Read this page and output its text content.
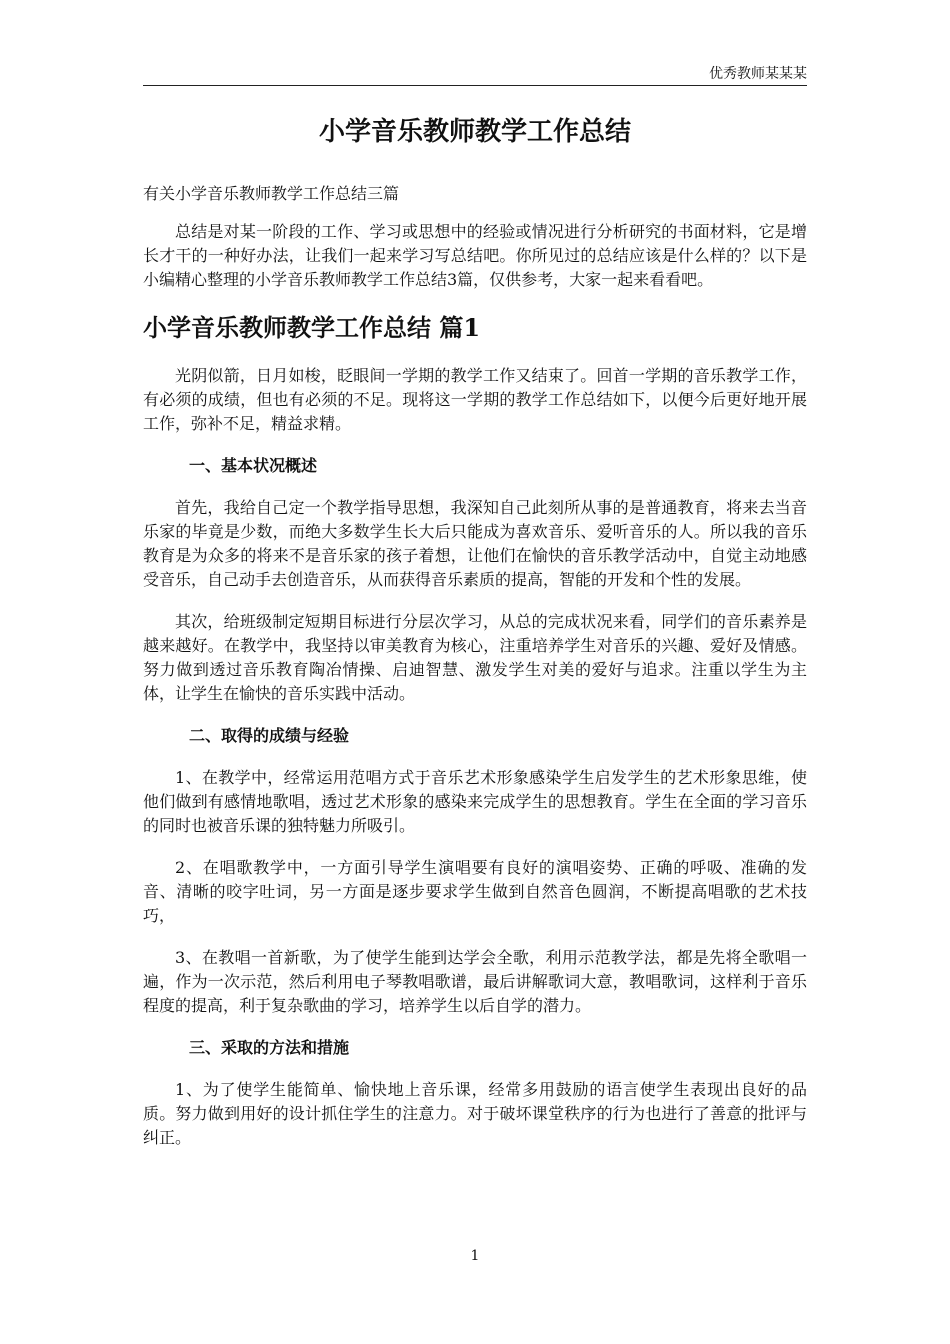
优秀教师某某某
小学音乐教师教学工作总结
有关小学音乐教师教学工作总结三篇

总结是对某一阶段的工作、学习或思想中的经验或情况进行分析研究的书面材料，它是增长才干的一种好办法，让我们一起来学习写总结吧。你所见过的总结应该是什么样的？以下是小编精心整理的小学音乐教师教学工作总结3篇，仅供参考，大家一起来看看吧。

小学音乐教师教学工作总结 篇1

光阴似箭，日月如梭，眨眼间一学期的教学工作又结束了。回首一学期的音乐教学工作，有必须的成绩，但也有必须的不足。现将这一学期的教学工作总结如下，以便今后更好地开展工作，弥补不足，精益求精。

一、基本状况概述

首先，我给自己定一个教学指导思想，我深知自己此刻所从事的是普通教育，将来去当音乐家的毕竟是少数，而绝大多数学生长大后只能成为喜欢音乐、爱听音乐的人。所以我的音乐教育是为众多的将来不是音乐家的孩子着想，让他们在愉快的音乐教学活动中，自觉主动地感受音乐，自己动手去创造音乐，从而获得音乐素质的提高，智能的开发和个性的发展。

其次，给班级制定短期目标进行分层次学习，从总的完成状况来看，同学们的音乐素养是越来越好。在教学中，我坚持以审美教育为核心，注重培养学生对音乐的兴趣、爱好及情感。努力做到透过音乐教育陶冶情操、启迪智慧、激发学生对美的爱好与追求。注重以学生为主体，让学生在愉快的音乐实践中活动。

二、取得的成绩与经验

1、在教学中，经常运用范唱方式于音乐艺术形象感染学生启发学生的艺术形象思维，使他们做到有感情地歌唱，透过艺术形象的感染来完成学生的思想教育。学生在全面的学习音乐的同时也被音乐课的独特魅力所吸引。

2、在唱歌教学中，一方面引导学生演唱要有良好的演唱姿势、正确的呼吸、准确的发音、清晰的咬字吐词，另一方面是逐步要求学生做到自然音色圆润，不断提高唱歌的艺术技巧，

3、在教唱一首新歌，为了使学生能到达学会全歌，利用示范教学法，都是先将全歌唱一遍，作为一次示范，然后利用电子琴教唱歌谱，最后讲解歌词大意，教唱歌词，这样利于音乐程度的提高，利于复杂歌曲的学习，培养学生以后自学的潜力。

三、采取的方法和措施

1、为了使学生能简单、愉快地上音乐课，经常多用鼓励的语言使学生表现出良好的品质。努力做到用好的设计抓住学生的注意力。对于破坏课堂秩序的行为也进行了善意的批评与纠正。

1
